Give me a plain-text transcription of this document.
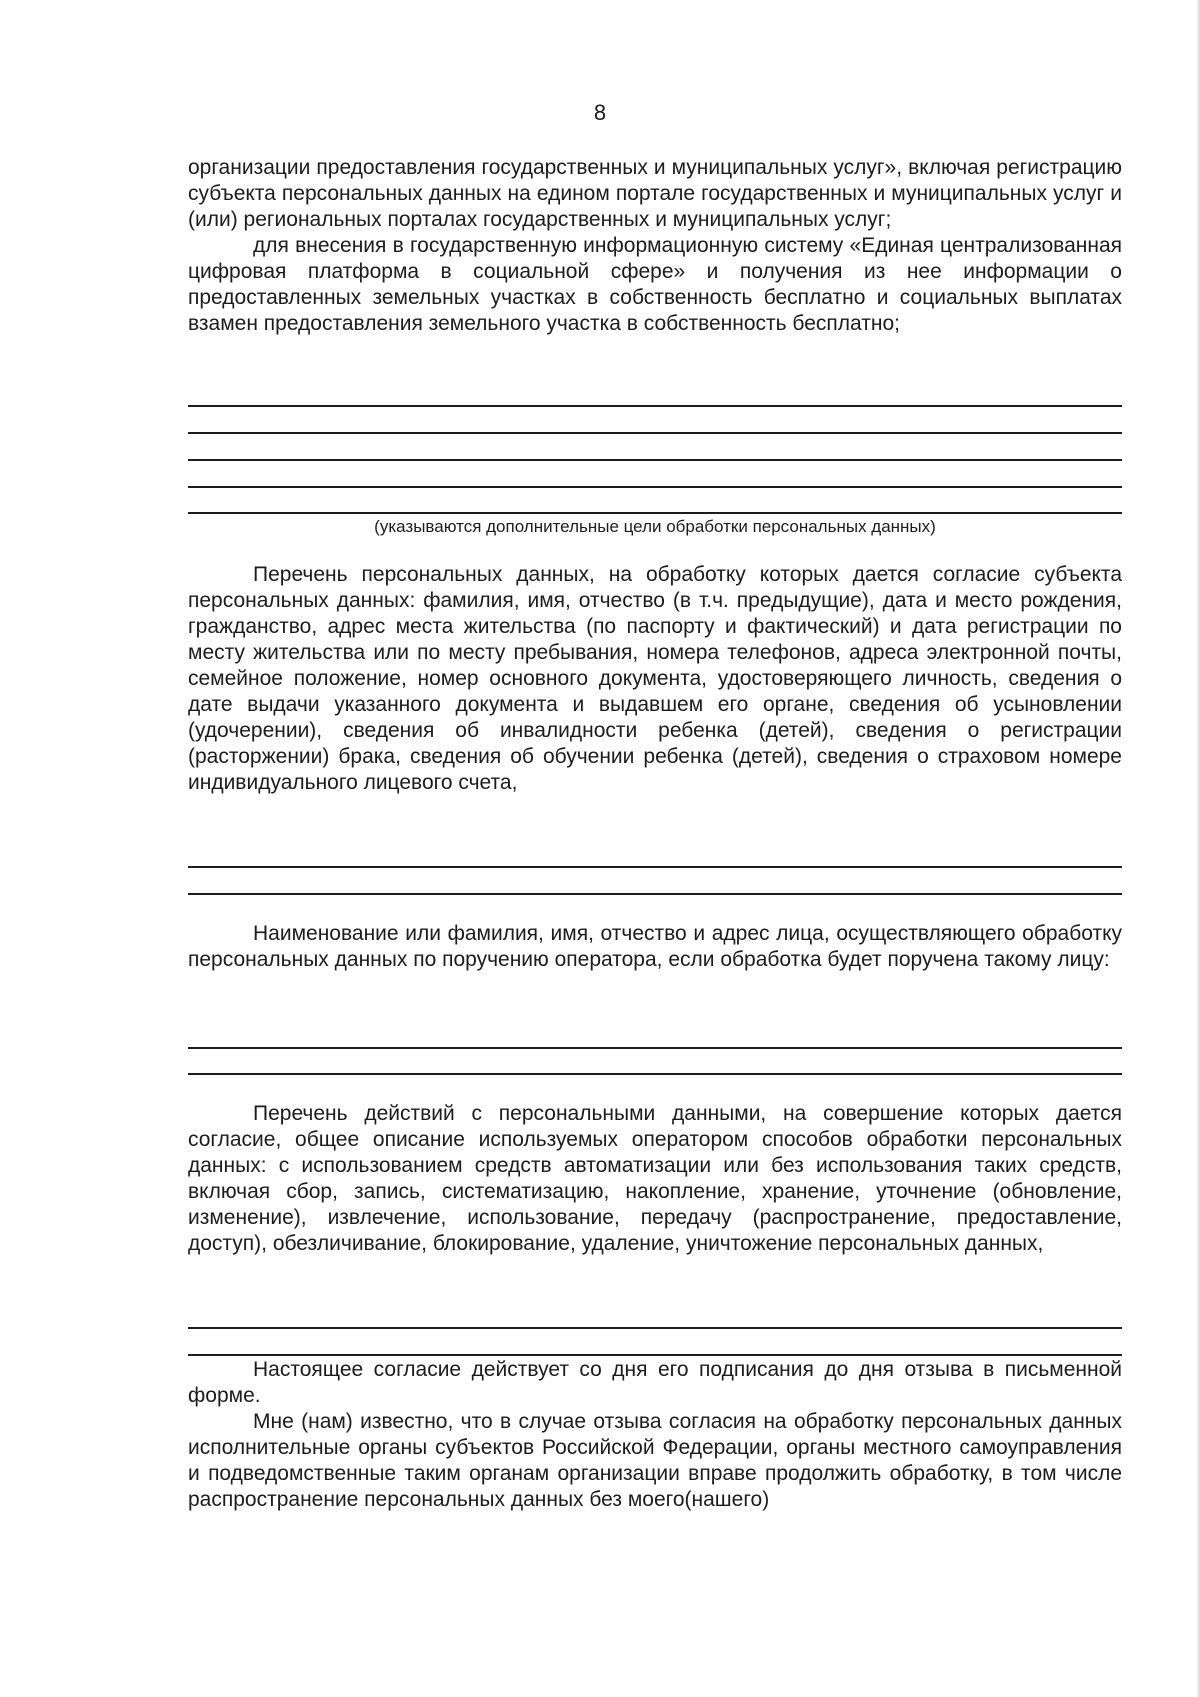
8

организации предоставления государственных и муниципальных услуг», включая регистрацию субъекта персональных данных на едином портале государственных и муниципальных услуг и (или) региональных порталах государственных и муниципальных услуг;

для внесения в государственную информационную систему «Единая централизованная цифровая платформа в социальной сфере» и получения из нее информации о предоставленных земельных участках в собственность бесплатно и социальных выплатах взамен предоставления земельного участка в собственность бесплатно;

(указываются дополнительные цели обработки персональных данных)

Перечень персональных данных, на обработку которых дается согласие субъекта персональных данных: фамилия, имя, отчество (в т.ч. предыдущие), дата и место рождения, гражданство, адрес места жительства (по паспорту и фактический) и дата регистрации по месту жительства или по месту пребывания, номера телефонов, адреса электронной почты, семейное положение, номер основного документа, удостоверяющего личность, сведения о дате выдачи указанного документа и выдавшем его органе, сведения об усыновлении (удочерении), сведения об инвалидности ребенка (детей), сведения о регистрации (расторжении) брака, сведения об обучении ребенка (детей), сведения о страховом номере индивидуального лицевого счета,

Наименование или фамилия, имя, отчество и адрес лица, осуществляющего обработку персональных данных по поручению оператора, если обработка будет поручена такому лицу:

Перечень действий с персональными данными, на совершение которых дается согласие, общее описание используемых оператором способов обработки персональных данных: с использованием средств автоматизации или без использования таких средств, включая сбор, запись, систематизацию, накопление, хранение, уточнение (обновление, изменение), извлечение, использование, передачу (распространение, предоставление, доступ), обезличивание, блокирование, удаление, уничтожение персональных данных,

Настоящее согласие действует со дня его подписания до дня отзыва в письменной форме.

Мне (нам) известно, что в случае отзыва согласия на обработку персональных данных исполнительные органы субъектов Российской Федерации, органы местного самоуправления и подведомственные таким органам организации вправе продолжить обработку, в том числе распространение персональных данных без моего(нашего)
